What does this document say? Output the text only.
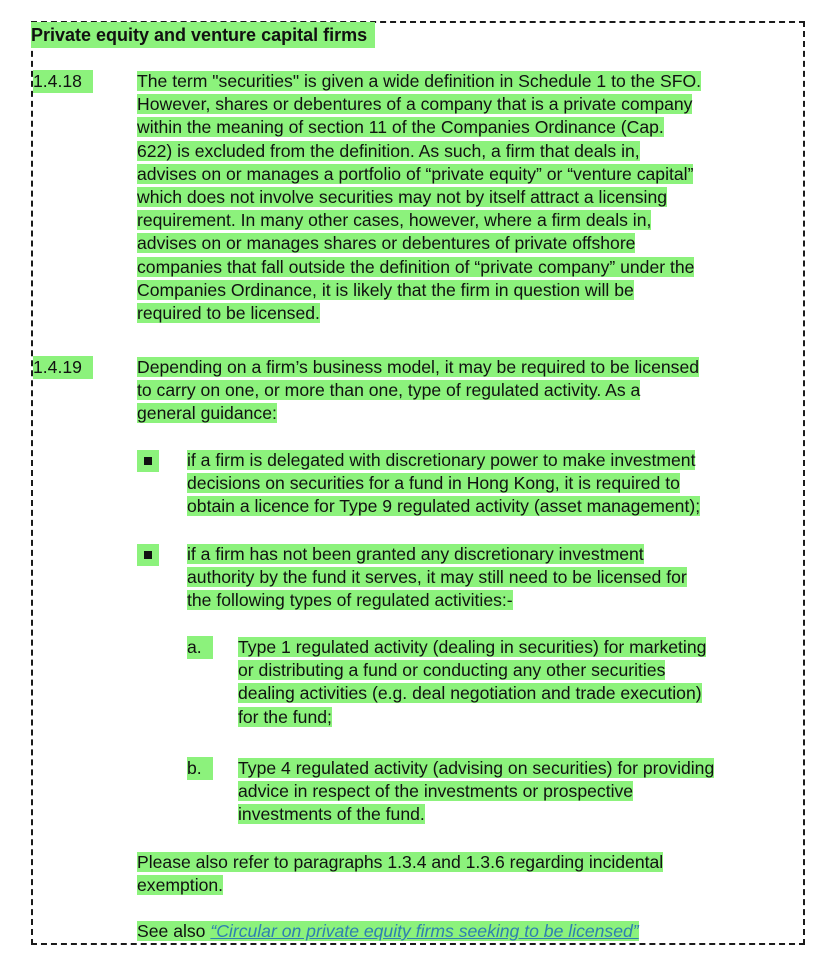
Private equity and venture capital firms
1.4.18	The term "securities" is given a wide definition in Schedule 1 to the SFO.
However, shares or debentures of a company that is a private company
within the meaning of section 11 of the Companies Ordinance (Cap.
622) is excluded from the definition. As such, a firm that deals in,
advises on or manages a portfolio of “private equity” or “venture capital”
which does not involve securities may not by itself attract a licensing
requirement. In many other cases, however, where a firm deals in,
advises on or manages shares or debentures of private offshore
companies that fall outside the definition of “private company” under the
Companies Ordinance, it is likely that the firm in question will be
required to be licensed.
1.4.19	Depending on a firm’s business model, it may be required to be licensed
to carry on one, or more than one, type of regulated activity. As a
general guidance:
if a firm is delegated with discretionary power to make investment
decisions on securities for a fund in Hong Kong, it is required to
obtain a licence for Type 9 regulated activity (asset management);
if a firm has not been granted any discretionary investment
authority by the fund it serves, it may still need to be licensed for
the following types of regulated activities:-
a.	Type 1 regulated activity (dealing in securities) for marketing
or distributing a fund or conducting any other securities
dealing activities (e.g. deal negotiation and trade execution)
for the fund;
b.	Type 4 regulated activity (advising on securities) for providing
advice in respect of the investments or prospective
investments of the fund.
Please also refer to paragraphs 1.3.4 and 1.3.6 regarding incidental
exemption.
See also “Circular on private equity firms seeking to be licensed”
